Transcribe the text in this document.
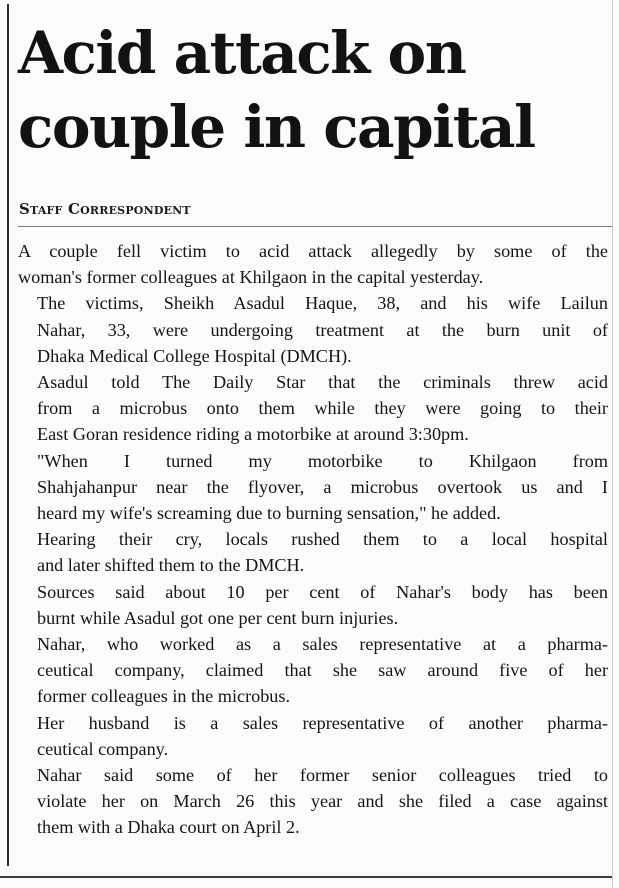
Acid attack on
couple in capital
Staff Correspondent

A couple fell victim to acid attack allegedly by some of the
woman's former colleagues at Khilgaon in the capital yesterday.

The victims, Sheikh Asadul Haque, 38, and his wife Lailun
Nahar, 33, were undergoing treatment at the burn unit of
Dhaka Medical College Hospital (DMCH).

Asadul told The Daily Star that the criminals threw acid
from a microbus onto them while they were going to their
East Goran residence riding a motorbike at around 3:30pm.

"When I turned my motorbike to Khilgaon from
Shahjahanpur near the flyover, a microbus overtook us and I
heard my wife's screaming due to burning sensation," he added.

Hearing their cry, locals rushed them to a local hospital
and later shifted them to the DMCH.

Sources said about 10 per cent of Nahar's body has been
burnt while Asadul got one per cent burn injuries.

Nahar, who worked as a sales representative at a pharma-
ceutical company, claimed that she saw around five of her
former colleagues in the microbus.

Her husband is a sales representative of another pharma-
ceutical company.

Nahar said some of her former senior colleagues tried to
violate her on March 26 this year and she filed a case against
them with a Dhaka court on April 2.
